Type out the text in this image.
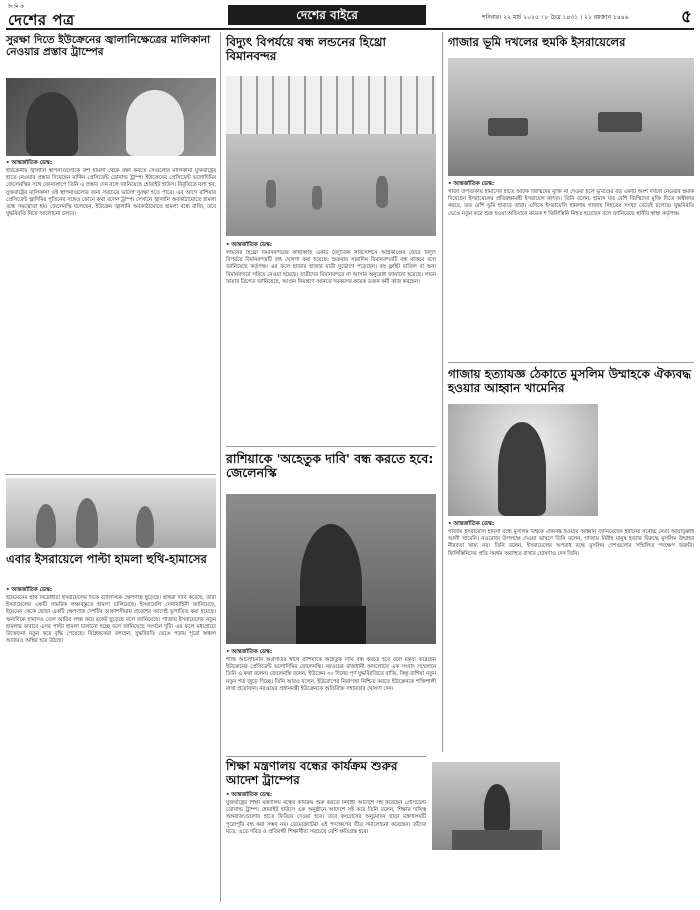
দৈ নি ক
দেশের পত্র	দেশের বাইরে	শনিবার। ২২ মার্চ ২০২৫ । ৮ চৈত্র ১৪৩১ । ২১ রমজান ১৪৪৬	৫
সুরক্ষা দিতে ইউক্রেনের জ্বালানিক্ষেত্রের মালিকানা নেওয়ার প্রস্তাব ট্রাম্পের
• আন্তর্জাতিক ডেস্ক:
ইউক্রেনীয় জ্বালানি স্থাপনাগুলোকে রুশ হামলা থেকে রক্ষা করতে সেগুলোর মালিকানা যুক্তরাষ্ট্রের হাতে নেওয়ার প্রস্তাব দিয়েছেন মার্কিন প্রেসিডেন্ট ডোনাল্ড ট্রাম্প। ইউক্রেনের প্রেসিডেন্ট ভলোদিমির জেলেনস্কির সঙ্গে ফোনালাপে তিনি এ প্রস্তাব দেন বলে জানিয়েছে হোয়াইট হাউস। বিবৃতিতে বলা হয়, যুক্তরাষ্ট্রের মালিকানা ওই স্থাপনাগুলোর জন্য সবচেয়ে ভালো সুরক্ষা হতে পারে। এর আগে রাশিয়ার প্রেসিডেন্ট ভ্লাদিমির পুতিনের সঙ্গেও ফোনে কথা বলেন ট্রাম্প। সেখানে জ্বালানি অবকাঠামোতে হামলা বন্ধে সমঝোতা হয়। জেলেনস্কি বলেছেন, ইউক্রেন জ্বালানি অবকাঠামোতে হামলা বন্ধে রাজি, তবে যুদ্ধবিরতি নিয়ে আলোচনা চলবে।
এবার ইসরায়েলে পাল্টা হামলা হুথি-হামাসের
• আন্তর্জাতিক ডেস্ক:
ইয়েমেনের হুথি বিদ্রোহীরা ইসরায়েলের দিকে ব্যালিস্টিক ক্ষেপণাস্ত্র ছুড়েছে। হুথিরা দাবি করেছে, তারা ইসরায়েলের একটি সামরিক লক্ষ্যবস্তুতে হামলা চালিয়েছে। ইসরায়েলি সেনাবাহিনী জানিয়েছে, ইয়েমেন থেকে ছোড়া একটি ক্ষেপণাস্ত্র দেশটির আকাশসীমায় প্রবেশের আগেই ভূপাতিত করা হয়েছে। অন্যদিকে হামাসও তেল আবিব লক্ষ্য করে রকেট ছুড়েছে বলে জানিয়েছে। গাজায় ইসরায়েলের নতুন হামলার জবাবে এসব পাল্টা হামলা চালানো হচ্ছে বলে জানিয়েছে সংগঠন দুটি। এর ফলে মধ্যপ্রাচ্যে উত্তেজনা নতুন করে বৃদ্ধি পেয়েছে। বিশ্লেষকেরা বলছেন, যুদ্ধবিরতি ভেঙে পড়ায় পুরো অঞ্চল আবারও অস্থির হয়ে উঠছে।
বিদ্যুৎ বিপর্যয়ে বন্ধ লন্ডনের হিথ্রো বিমানবন্দর
• আন্তর্জাতিক ডেস্ক:
লন্ডনের হিথ্রো বিমানবন্দরের কাছাকাছি একটি বৈদ্যুতিক সাবস্টেশনে অগ্নিকাণ্ডের জেরে বিদ্যুৎ বিপর্যয়ে বিমানবন্দরটি বন্ধ ঘোষণা করা হয়েছে। শুক্রবার সারাদিন বিমানবন্দরটি বন্ধ থাকবে বলে জানিয়েছে কর্তৃপক্ষ। এর ফলে হাজার হাজার যাত্রী দুর্ভোগে পড়েছেন। বহু ফ্লাইট বাতিল বা অন্য বিমানবন্দরে সরিয়ে নেওয়া হয়েছে। যাত্রীদের বিমানবন্দরে না আসার অনুরোধ জানানো হয়েছে। লন্ডন ফায়ার ব্রিগেড জানিয়েছে, আগুন নিয়ন্ত্রণে আনতে দমকলের কয়েক ডজন কর্মী কাজ করছেন।
রাশিয়াকে 'অহেতুক দাবি' বন্ধ করতে হবে: জেলেনস্কি
• আন্তর্জাতিক ডেস্ক:
শান্তি আলোচনার অগ্রগতির স্বার্থে রাশিয়াকে অহেতুক দাবি বন্ধ করতে হবে বলে মন্তব্য করেছেন ইউক্রেনের প্রেসিডেন্ট ভলোদিমির জেলেনস্কি। নরওয়ের রাজধানী অসলোতে এক সংবাদ সম্মেলনে তিনি এ কথা বলেন। জেলেনস্কি বলেন, ইউক্রেন ৩০ দিনের পূর্ণ যুদ্ধবিরতিতে রাজি, কিন্তু রাশিয়া নতুন নতুন শর্ত জুড়ে দিচ্ছে। তিনি আরও বলেন, ইউরোপের নিরাপত্তা নিশ্চিত করতে ইউক্রেনকে শক্তিশালী রাখা প্রয়োজন। নরওয়ের প্রধানমন্ত্রী ইউক্রেনকে অতিরিক্ত সহায়তার ঘোষণা দেন।
শিক্ষা মন্ত্রণালয় বন্ধের কার্যক্রম শুরুর আদেশ ট্রাম্পের
• আন্তর্জাতিক ডেস্ক:
যুক্তরাষ্ট্রের শিক্ষা মন্ত্রণালয় বন্ধের কার্যক্রম শুরু করতে নির্বাহী আদেশে সই করেছেন প্রেসিডেন্ট ডোনাল্ড ট্রাম্প। হোয়াইট হাউসে এক অনুষ্ঠানে আদেশে সই করে তিনি বলেন, শিক্ষার দায়িত্ব অঙ্গরাজ্যগুলোর হাতে ফিরিয়ে দেওয়া হবে। তবে কংগ্রেসের অনুমোদন ছাড়া মন্ত্রণালয়টি পুরোপুরি বন্ধ করা সম্ভব নয়। ডেমোক্র্যাটরা এই পদক্ষেপের তীব্র সমালোচনা করেছেন। তাঁদের মতে, এতে দরিদ্র ও প্রতিবন্ধী শিক্ষার্থীরা সবচেয়ে বেশি ক্ষতিগ্রস্ত হবে।
গাজার ভূমি দখলের হুমকি ইসরায়েলের
• আন্তর্জাতিক ডেস্ক:
গাজা উপত্যকায় হামাসের হাতে আটক জিম্মিদের মুক্তি না দেওয়া হলে ভূখণ্ডের বড় একটি অংশ দখলে নেওয়ার হুমকি দিয়েছেন ইসরায়েলের প্রতিরক্ষামন্ত্রী ইসরায়েল কাৎজ। তিনি বলেন, হামাস যত বেশি জিম্মিদের মুক্তি দিতে অস্বীকার করবে, তত বেশি ভূমি হারাবে তারা। এদিকে ইসরায়েলি হামলায় গাজায় নিহতের সংখ্যা বেড়েই চলেছে। যুদ্ধবিরতি ভেঙে নতুন করে শুরু হওয়া অভিযানে কয়েক শ ফিলিস্তিনি নিহত হয়েছেন বলে জানিয়েছে স্থানীয় স্বাস্থ্য কর্তৃপক্ষ।
গাজায় হত্যাযজ্ঞ ঠেকাতে মুসলিম উম্মাহকে ঐক্যবদ্ধ হওয়ার আহ্বান খামেনির
• আন্তর্জাতিক ডেস্ক:
গাজায় ইসরায়েলি হামলা বন্ধে মুসলিম বিশ্বকে ঐক্যবদ্ধ হওয়ার আহ্বান জানিয়েছেন ইরানের সর্বোচ্চ নেতা আয়াতুল্লাহ আলী খামেনি। নওরোজ উপলক্ষে দেওয়া ভাষণে তিনি বলেন, গাজায় নিরীহ মানুষ হত্যার বিরুদ্ধে মুসলিম উম্মাহর নীরবতা কাম্য নয়। তিনি বলেন, ইসরায়েলের অপরাধ বন্ধে মুসলিম দেশগুলোর সম্মিলিত পদক্ষেপ জরুরি। ফিলিস্তিনিদের প্রতি সমর্থন অব্যাহত রাখার ঘোষণাও দেন তিনি।
